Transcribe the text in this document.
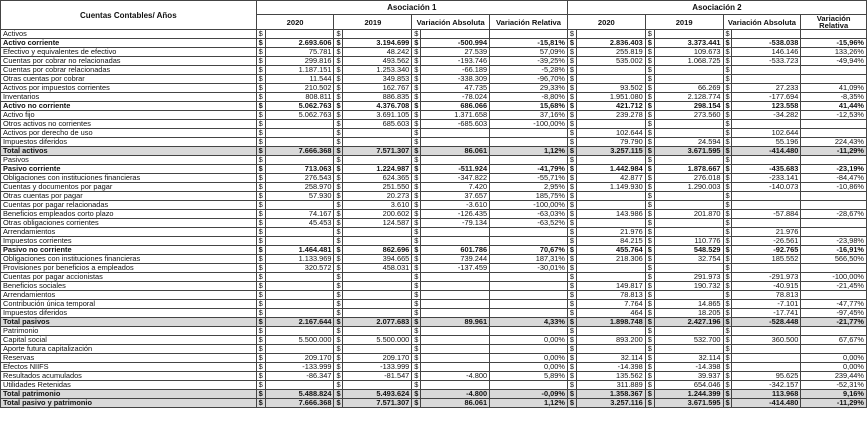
Cuentas Contables/ Años	Asociación 1							Asociación 2						
	2020		2019		Variación Absoluta		Variación Relativa	2020		2019		Variación Absoluta		Variación Relativa
Activos	$		$		$			$		$		$		
Activo corriente	$	2.693.606	$	3.194.699	$	-500.994	-15,81%	$	2.836.403	$	3.373.441	$	-538.038	-15,96%
Efectivo y equivalentes de efectivo	$	75.781	$	48.242	$	27.539	57,09%	$	255.819	$	109.673	$	146.146	133,26%
Cuentas por cobrar no relacionadas	$	299.816	$	493.562	$	-193.746	-39,25%	$	535.002	$	1.068.725	$	-533.723	-49,94%
Cuentas por cobrar relacionadas	$	1.187.151	$	1.253.340	$	-66.189	-5,28%	$		$		$		
Otras cuentas por cobrar	$	11.544	$	349.853	$	-338.309	-96,70%	$		$		$		
Activos por impuestos corrientes	$	210.502	$	162.767	$	47.735	29,33%	$	93.502	$	66.269	$	27.233	41,09%
Inventarios	$	808.811	$	886.835	$	-78.024	-8,80%	$	1.951.080	$	2.128.774	$	-177.694	-8,35%
Activo no corriente	$	5.062.763	$	4.376.708	$	686.066	15,68%	$	421.712	$	298.154	$	123.558	41,44%
Activo fijo	$	5.062.763	$	3.691.105	$	1.371.658	37,16%	$	239.278	$	273.560	$	-34.282	-12,53%
Otros activos no corrientes	$		$	685.603	$	-685.603	-100,00%	$		$		$		
Activos por derecho de uso	$		$		$			$	102.644	$		$	102.644	
Impuestos diferidos	$		$		$			$	79.790	$	24.594	$	55.196	224,43%
Total activos	$	7.666.368	$	7.571.307	$	86.061	1,12%	$	3.257.115	$	3.671.595	$	-414.480	-11,29%
Pasivos	$		$		$			$		$		$		
Pasivo corriente	$	713.063	$	1.224.987	$	-511.924	-41,79%	$	1.442.984	$	1.878.667	$	-435.683	-23,19%
Obligaciones con instituciones financieras	$	276.543	$	624.365	$	-347.822	-55,71%	$	42.877	$	276.018	$	-233.141	-84,47%
Cuentas y documentos por pagar	$	258.970	$	251.550	$	7.420	2,95%	$	1.149.930	$	1.290.003	$	-140.073	-10,86%
Otras cuentas por pagar	$	57.930	$	20.273	$	37.657	185,75%	$		$		$		
Cuentas por pagar relacionadas	$		$	3.610	$	-3.610	-100,00%	$		$		$		
Beneficios empleados corto plazo	$	74.167	$	200.602	$	-126.435	-63,03%	$	143.986	$	201.870	$	-57.884	-28,67%
Otras obligaciones corrientes	$	45.453	$	124.587	$	-79.134	-63,52%	$		$		$		
Arrendamientos	$		$		$			$	21.976	$		$	21.976	
Impuestos corrientes	$		$		$			$	84.215	$	110.776	$	-26.561	-23,98%
Pasivo no corriente	$	1.464.481	$	862.696	$	601.786	70,67%	$	455.764	$	548.529	$	-92.765	-16,91%
Obligaciones con instituciones financieras	$	1.133.969	$	394.665	$	739.244	187,31%	$	218.306	$	32.754	$	185.552	566,50%
Provisiones por beneficios a empleados	$	320.572	$	458.031	$	-137.459	-30,01%	$		$		$		
Cuentas por pagar accionistas	$		$		$			$		$	291.973	$	-291.973	-100,00%
Beneficios sociales	$		$		$			$	149.817	$	190.732	$	-40.915	-21,45%
Arrendamientos	$		$		$			$	78.813	$		$	78.813	
Contribución única temporal	$		$		$			$	7.764	$	14.865	$	-7.101	-47,77%
Impuestos diferidos	$		$		$			$	464	$	18.205	$	-17.741	-97,45%
Total pasivos	$	2.167.644	$	2.077.683	$	89.961	4,33%	$	1.898.748	$	2.427.196	$	-528.448	-21,77%
Patrimonio	$		$		$			$		$		$		
Capital social	$	5.500.000	$	5.500.000	$		0,00%	$	893.200	$	532.700	$	360.500	67,67%
Aporte futura capitalización	$		$		$			$		$		$		
Reservas	$	209.170	$	209.170	$		0,00%	$	32.114	$	32.114	$		0,00%
Efectos NIIFS	$	-133.999	$	-133.999	$		0,00%	$	-14.398	$	-14.398	$		0,00%
Resultados acumulados	$	-86.347	$	-81.547	$	-4.800	5,89%	$	135.562	$	39.937	$	95.625	239,44%
Utilidades Retenidas	$		$		$			$	311.889	$	654.046	$	-342.157	-52,31%
Total patrimonio	$	5.488.824	$	5.493.624	$	-4.800	-0,09%	$	1.358.367	$	1.244.399	$	113.968	9,16%
Total pasivo y patrimonio	$	7.666.368	$	7.571.307	$	86.061	1,12%	$	3.257.116	$	3.671.595	$	-414.480	-11,29%
